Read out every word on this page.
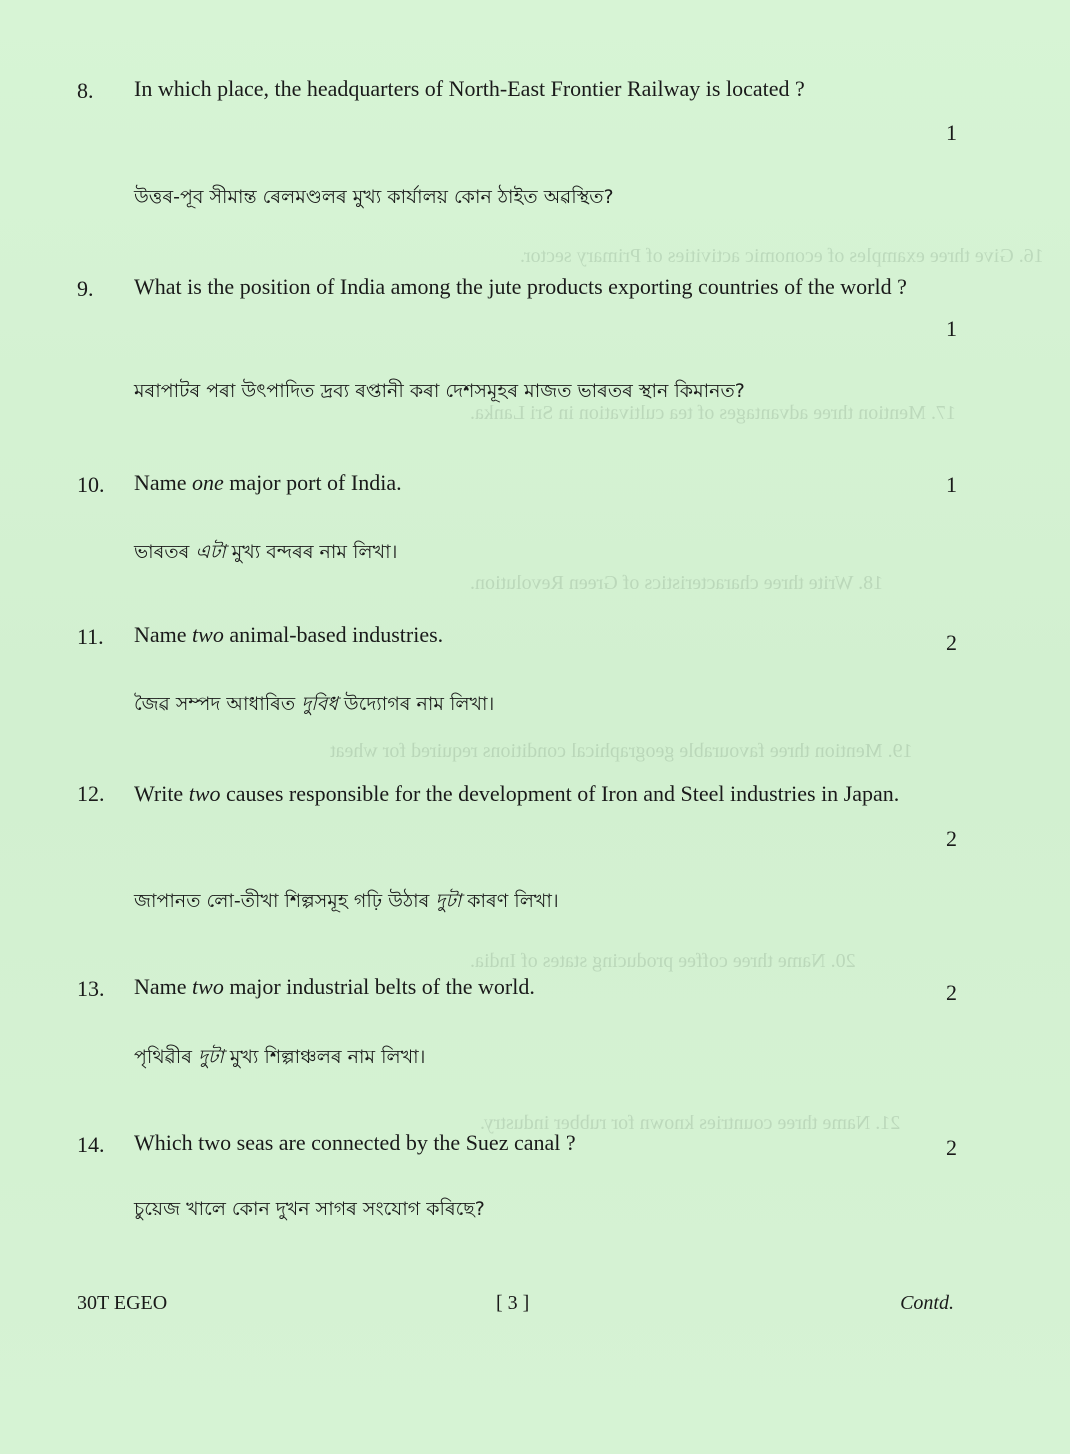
16. Give three examples of economic activities of Primary sector.
17. Mention three advantages of tea cultivation in Sri Lanka.
18. Write three characteristics of Green Revolution.
19. Mention three favourable geographical conditions required for wheat
20. Name three coffee producing states of India.
21. Name three countries known for rubber industry.
8. In which place, the headquarters of North-East Frontier Railway is located ?
1
উত্তৰ-পূব সীমান্ত ৰেলমণ্ডলৰ মুখ্য কাৰ্যালয় কোন ঠাইত অৱস্থিত?
9. What is the position of India among the jute products exporting countries of the world ?
1
মৰাপাটৰ পৰা উৎপাদিত দ্ৰব্য ৰপ্তানী কৰা দেশসমূহৰ মাজত ভাৰতৰ স্থান কিমানত?
10. Name one major port of India.	1
ভাৰতৰ এটা মুখ্য বন্দৰৰ নাম লিখা।
11. Name two animal-based industries.	2
জৈৱ সম্পদ আধাৰিত দুবিধ উদ্যোগৰ নাম লিখা।
12. Write two causes responsible for the development of Iron and Steel industries in Japan.
2
জাপানত লো-তীখা শিল্পসমূহ গঢ়ি উঠাৰ দুটা কাৰণ লিখা।
13. Name two major industrial belts of the world.	2
পৃথিৱীৰ দুটা মুখ্য শিল্পাঞ্চলৰ নাম লিখা।
14. Which two seas are connected by the Suez canal ?	2
চুয়েজ খালে কোন দুখন সাগৰ সংযোগ কৰিছে?
30T EGEO	[ 3 ]	Contd.
